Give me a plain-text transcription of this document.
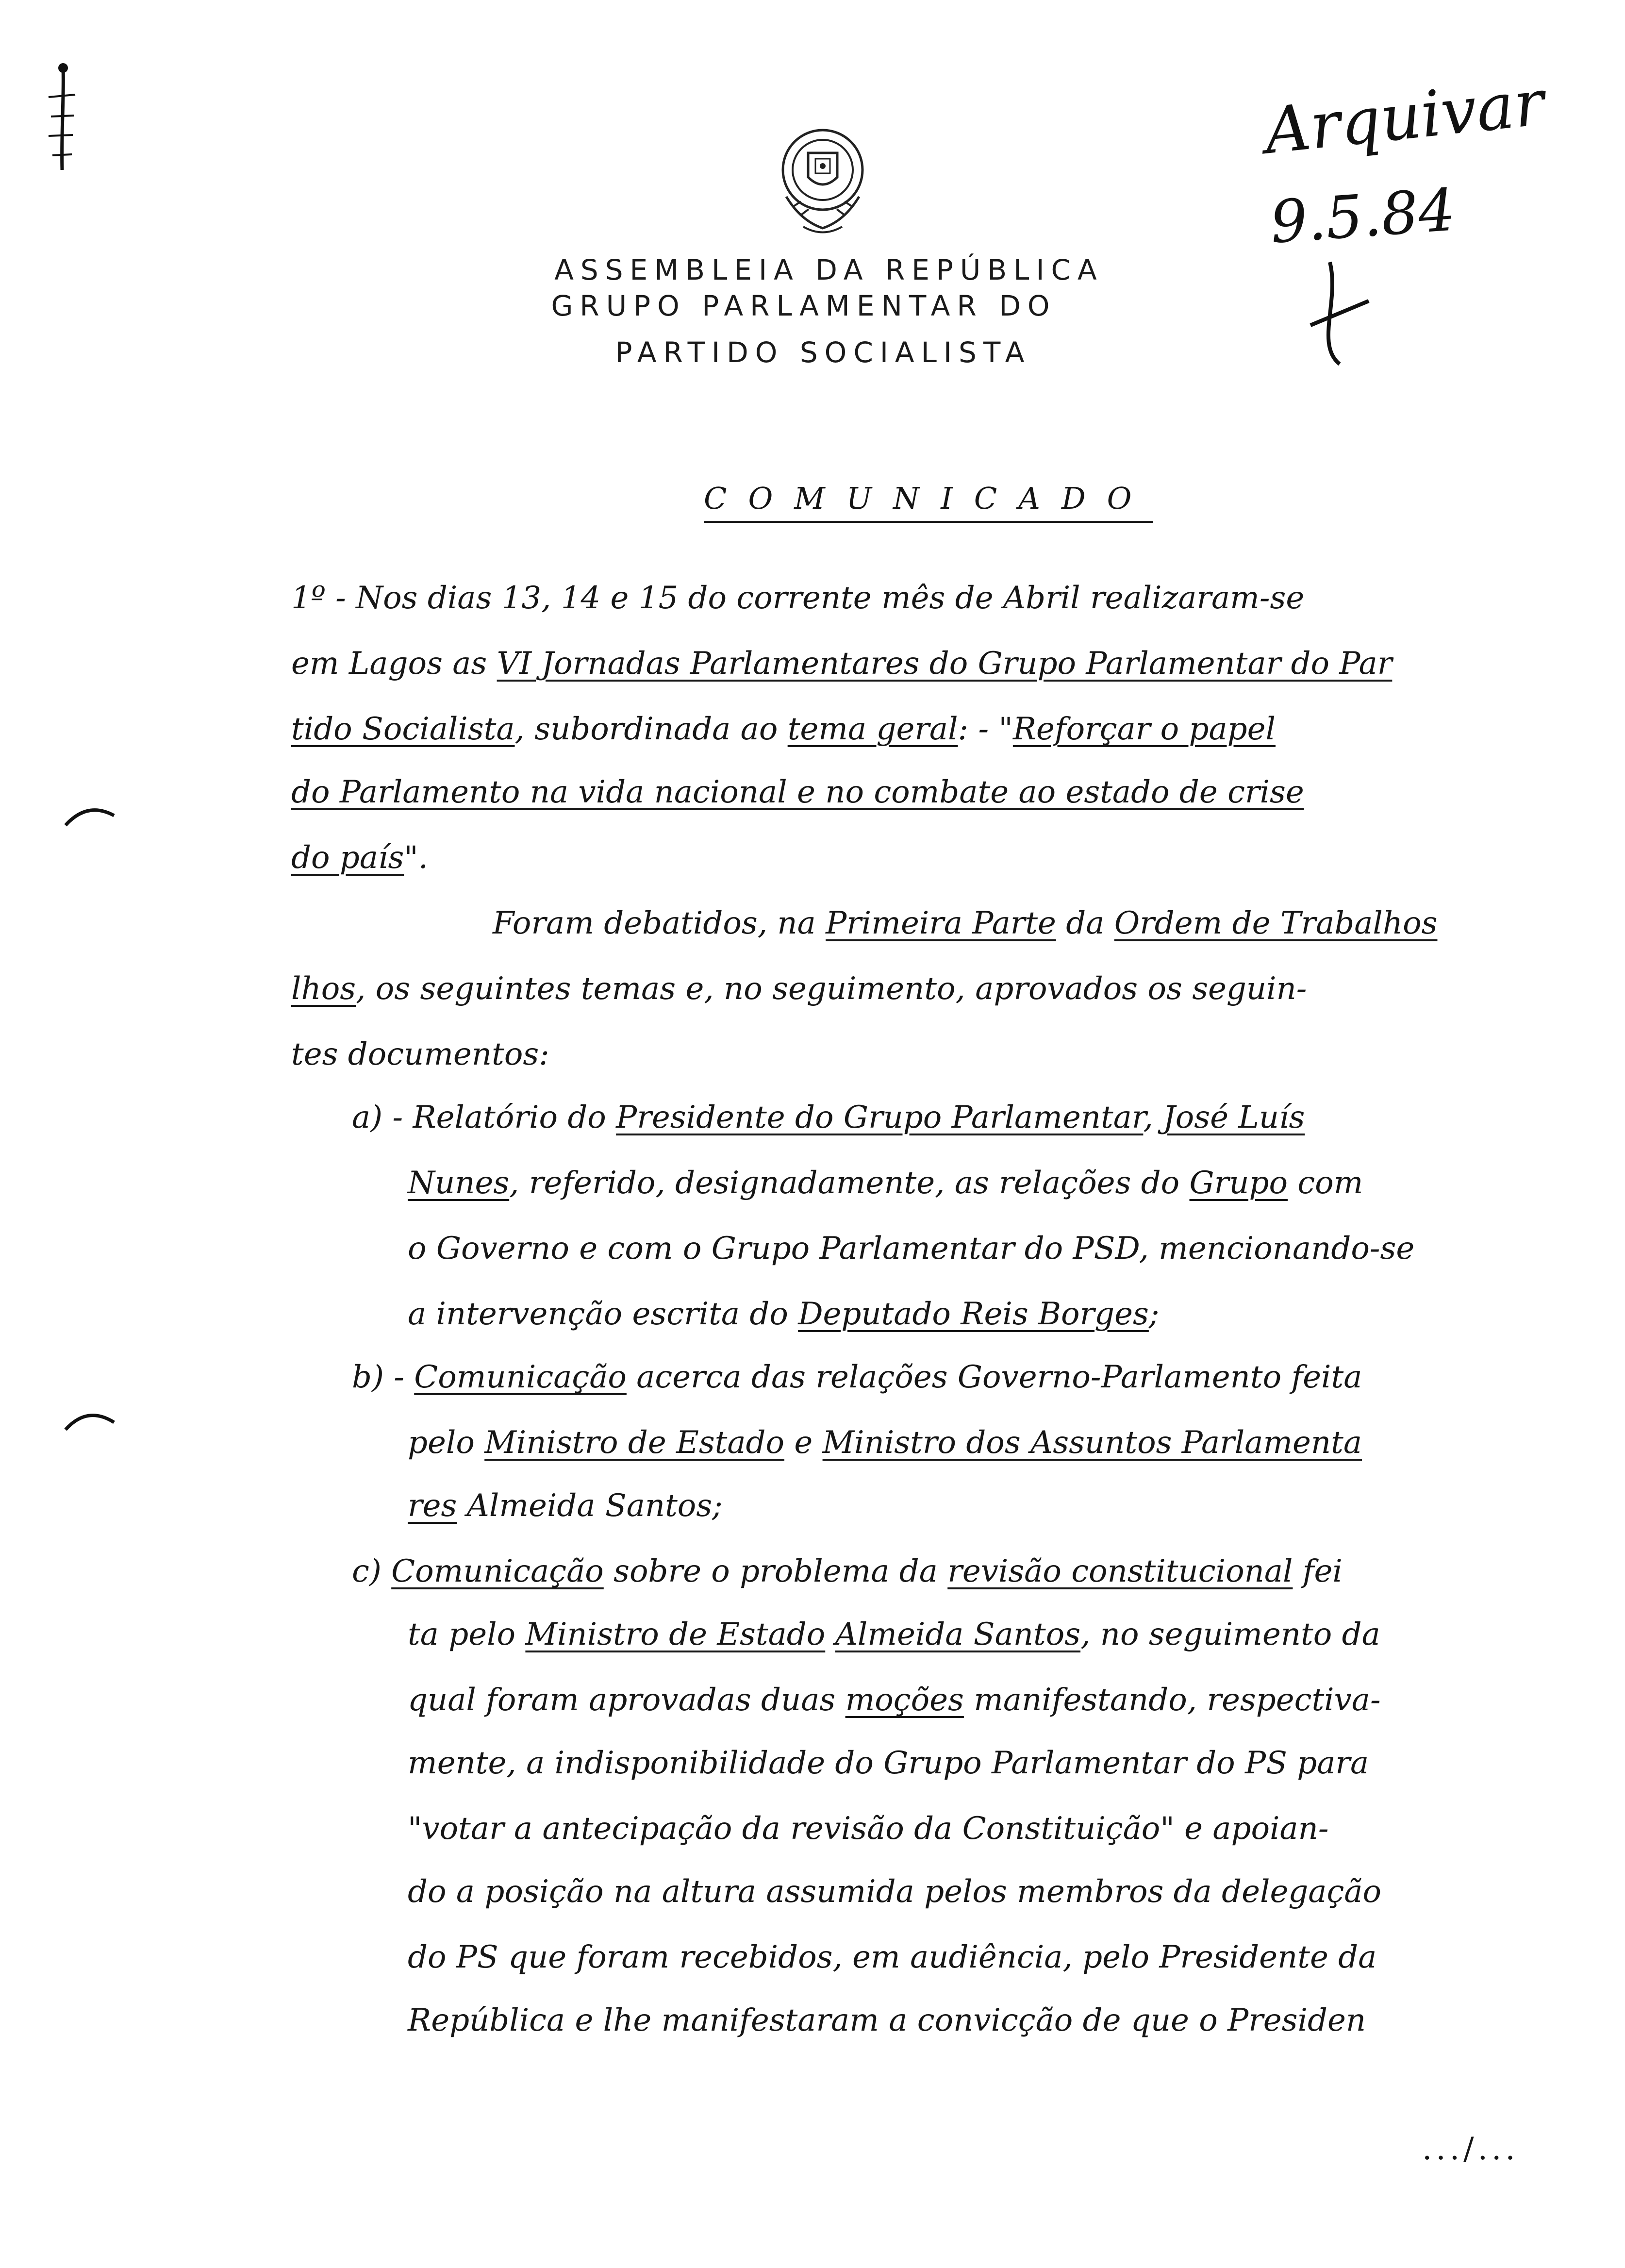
ASSEMBLEIA DA REPÚBLICA
GRUPO PARLAMENTAR DO
PARTIDO SOCIALISTA
Arquivar
9.5.84
COMUNICADO
1º - Nos dias 13, 14 e 15 do corrente mês de Abril realizaram-se
em Lagos as VI Jornadas Parlamentares do Grupo Parlamentar do Par
tido Socialista, subordinada ao tema geral: - "Reforçar o papel
do Parlamento na vida nacional e no combate ao estado de crise
do país".
Foram debatidos, na Primeira Parte da Ordem de Trabalhos
lhos, os seguintes temas e, no seguimento, aprovados os seguin-
tes documentos:
a) - Relatório do Presidente do Grupo Parlamentar, José Luís
Nunes, referido, designadamente, as relações do Grupo com
o Governo e com o Grupo Parlamentar do PSD, mencionando-se
a intervenção escrita do Deputado Reis Borges;
b) - Comunicação acerca das relações Governo-Parlamento feita
pelo Ministro de Estado e Ministro dos Assuntos Parlamenta
res Almeida Santos;
c) Comunicação sobre o problema da revisão constitucional fei
ta pelo Ministro de Estado Almeida Santos, no seguimento da
qual foram aprovadas duas moções manifestando, respectiva-
mente, a indisponibilidade do Grupo Parlamentar do PS para
"votar a antecipação da revisão da Constituição" e apoian-
do a posição na altura assumida pelos membros da delegação
do PS que foram recebidos, em audiência, pelo Presidente da
República e lhe manifestaram a convicção de que o Presiden
.../...
